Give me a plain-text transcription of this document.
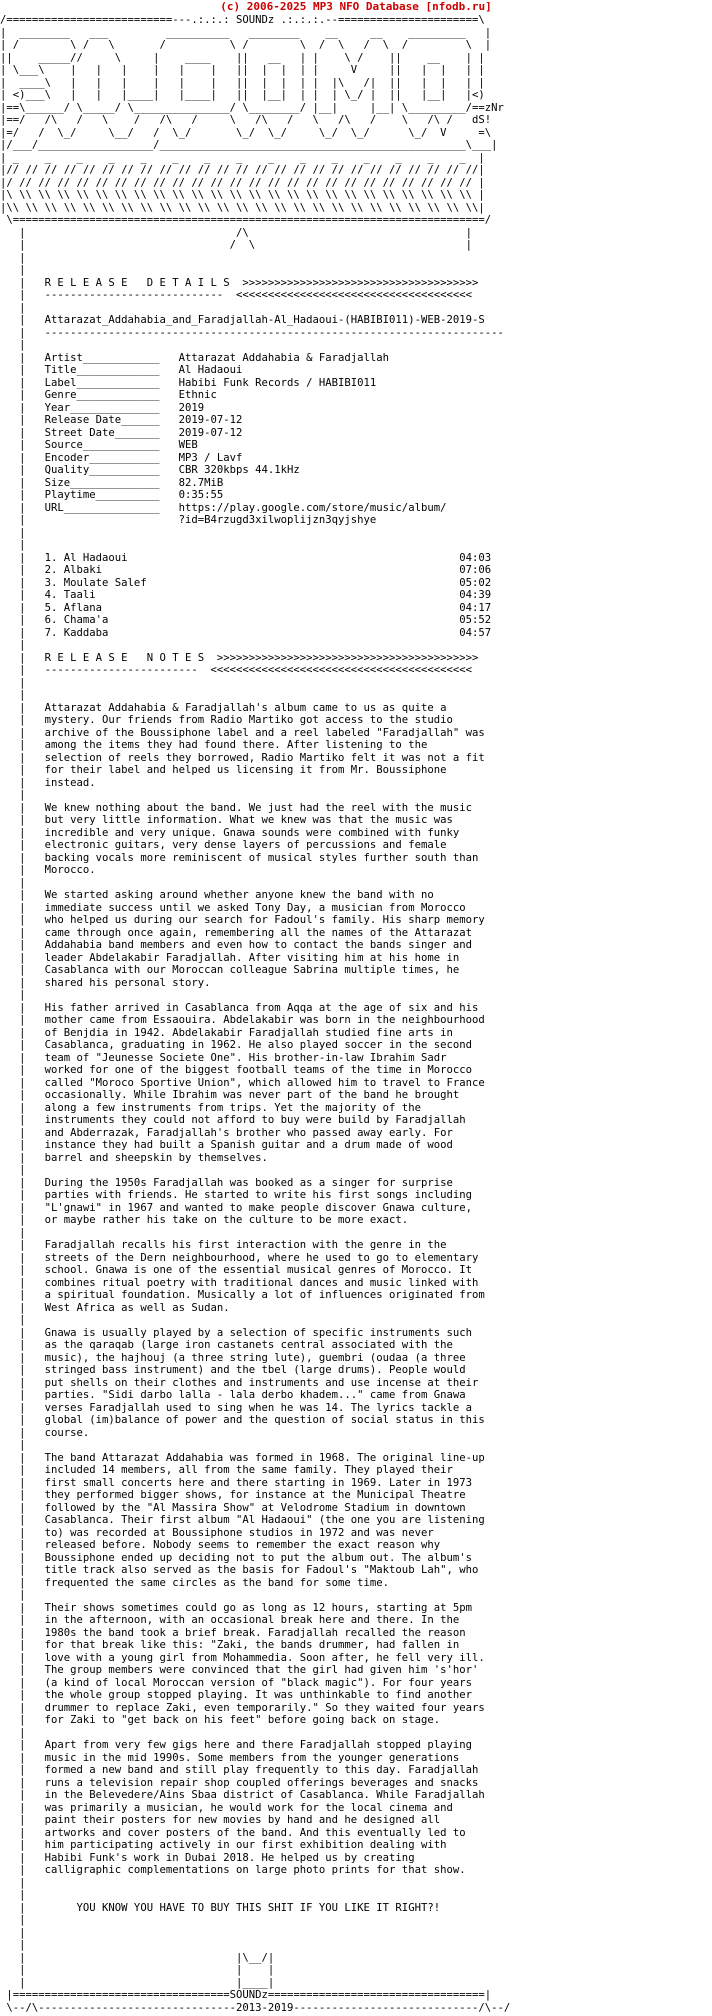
/==========================---.:.:.: SOUNDz .:.:.:.--======================\
|  ________   ___         __________   ________    __     __    _________   |
| /        \ /   \       /          \ /        \  /  \   /  \  /         \  |
||    _____//     \     |    ____    ||   __   | |    \ /    ||    __    | |
| \___\    |   |   |    |   |    |   ||  |  |  | |     V     ||   |  |   | |
|  ____\   |   |   |    |   |    |   ||  |  |  | |  |\   /|  ||   |  |   | |
| <)___\   |   |   |____|   |____|   ||  |__|  | |  | \_/ |  ||   |__|   |<)
|==\______/ \_____/ \_______________/ \________/ |__|     |__| \_________/==zNr
|==/   /\   /   \    /   /\   /     \   /\   /   \   /\   /    \   /\ /   dS!
|=/   /  \_/     \__/   /  \_/       \_/  \_/     \_/  \_/      \_/  V     =\
|/___/__________________/________________________________________________\___|
| _    _    _    _    _    _    _    _    _    _    _    _    _    _    _  |
|// // // // // // // // // // // // // // // // // // // // // // // // //|
|/ // // // // // // // // // // // // // // // // // // // // // // // // |
|\ \\ \\ \\ \\ \\ \\ \\ \\ \\ \\ \\ \\ \\ \\ \\ \\ \\ \\ \\ \\ \\ \\ \\ \\ |
|\\ \\ \\ \\ \\ \\ \\ \\ \\ \\ \\ \\ \\ \\ \\ \\ \\ \\ \\ \\ \\ \\ \\ \\ \\|
\==========================================================================/
|                                 /\                                  |
|                                /  \                                 |
|
|
|   R E L E A S E   D E T A I L S  >>>>>>>>>>>>>>>>>>>>>>>>>>>>>>>>>>>>>
|   ----------------------------  <<<<<<<<<<<<<<<<<<<<<<<<<<<<<<<<<<<<<
|
|   Attarazat_Addahabia_and_Faradjallah-Al_Hadaoui-(HABIBI011)-WEB-2019-S
|   ------------------------------------------------------------------------
|
|   Artist____________   Attarazat Addahabia & Faradjallah
|   Title_____________   Al Hadaoui
|   Label_____________   Habibi Funk Records / HABIBI011
|   Genre_____________   Ethnic
|   Year______________   2019
|   Release Date______   2019-07-12
|   Street Date_______   2019-07-12
|   Source____________   WEB
|   Encoder___________   MP3 / Lavf
|   Quality___________   CBR 320kbps 44.1kHz
|   Size______________   82.7MiB
|   Playtime__________   0:35:55
|   URL_______________   https://play.google.com/store/music/album/
|                        ?id=B4rzugd3xilwoplijzn3qyjshye
|
|
|   1. Al Hadaoui                                                    04:03
|   2. Albaki                                                        07:06
|   3. Moulate Salef                                                 05:02
|   4. Taali                                                         04:39
|   5. Aflana                                                        04:17
|   6. Chama'a                                                       05:52
|   7. Kaddaba                                                       04:57
|
|   R E L E A S E   N O T E S  >>>>>>>>>>>>>>>>>>>>>>>>>>>>>>>>>>>>>>>>>
|   ------------------------  <<<<<<<<<<<<<<<<<<<<<<<<<<<<<<<<<<<<<<<<<
|
|
|   Attarazat Addahabia & Faradjallah's album came to us as quite a
|   mystery. Our friends from Radio Martiko got access to the studio
|   archive of the Boussiphone label and a reel labeled "Faradjallah" was
|   among the items they had found there. After listening to the
|   selection of reels they borrowed, Radio Martiko felt it was not a fit
|   for their label and helped us licensing it from Mr. Boussiphone
|   instead.
|
|   We knew nothing about the band. We just had the reel with the music
|   but very little information. What we knew was that the music was
|   incredible and very unique. Gnawa sounds were combined with funky
|   electronic guitars, very dense layers of percussions and female
|   backing vocals more reminiscent of musical styles further south than
|   Morocco.
|
|   We started asking around whether anyone knew the band with no
|   immediate success until we asked Tony Day, a musician from Morocco
|   who helped us during our search for Fadoul's family. His sharp memory
|   came through once again, remembering all the names of the Attarazat
|   Addahabia band members and even how to contact the bands singer and
|   leader Abdelakabir Faradjallah. After visiting him at his home in
|   Casablanca with our Moroccan colleague Sabrina multiple times, he
|   shared his personal story.
|
|   His father arrived in Casablanca from Aqqa at the age of six and his
|   mother came from Essaouira. Abdelakabir was born in the neighbourhood
|   of Benjdia in 1942. Abdelakabir Faradjallah studied fine arts in
|   Casablanca, graduating in 1962. He also played soccer in the second
|   team of "Jeunesse Societe One". His brother-in-law Ibrahim Sadr
|   worked for one of the biggest football teams of the time in Morocco
|   called "Moroco Sportive Union", which allowed him to travel to France
|   occasionally. While Ibrahim was never part of the band he brought
|   along a few instruments from trips. Yet the majority of the
|   instruments they could not afford to buy were build by Faradjallah
|   and Abderrazak, Faradjallah's brother who passed away early. For
|   instance they had built a Spanish guitar and a drum made of wood
|   barrel and sheepskin by themselves.
|
|   During the 1950s Faradjallah was booked as a singer for surprise
|   parties with friends. He started to write his first songs including
|   "L'gnawi" in 1967 and wanted to make people discover Gnawa culture,
|   or maybe rather his take on the culture to be more exact.
|
|   Faradjallah recalls his first interaction with the genre in the
|   streets of the Dern neighbourhood, where he used to go to elementary
|   school. Gnawa is one of the essential musical genres of Morocco. It
|   combines ritual poetry with traditional dances and music linked with
|   a spiritual foundation. Musically a lot of influences originated from
|   West Africa as well as Sudan.
|
|   Gnawa is usually played by a selection of specific instruments such
|   as the qaraqab (large iron castanets central associated with the
|   music), the hajhouj (a three string lute), guembri (oudaa (a three
|   stringed bass instrument) and the tbel (large drums). People would
|   put shells on their clothes and instruments and use incense at their
|   parties. "Sidi darbo lalla - lala derbo khadem..." came from Gnawa
|   verses Faradjallah used to sing when he was 14. The lyrics tackle a
|   global (im)balance of power and the question of social status in this
|   course.
|
|   The band Attarazat Addahabia was formed in 1968. The original line-up
|   included 14 members, all from the same family. They played their
|   first small concerts here and there starting in 1969. Later in 1973
|   they performed bigger shows, for instance at the Municipal Theatre
|   followed by the "Al Massira Show" at Velodrome Stadium in downtown
|   Casablanca. Their first album "Al Hadaoui" (the one you are listening
|   to) was recorded at Boussiphone studios in 1972 and was never
|   released before. Nobody seems to remember the exact reason why
|   Boussiphone ended up deciding not to put the album out. The album's
|   title track also served as the basis for Fadoul's "Maktoub Lah", who
|   frequented the same circles as the band for some time.
|
|   Their shows sometimes could go as long as 12 hours, starting at 5pm
|   in the afternoon, with an occasional break here and there. In the
|   1980s the band took a brief break. Faradjallah recalled the reason
|   for that break like this: "Zaki, the bands drummer, had fallen in
|   love with a young girl from Mohammedia. Soon after, he fell very ill.
|   The group members were convinced that the girl had given him 's'hor'
|   (a kind of local Moroccan version of "black magic"). For four years
|   the whole group stopped playing. It was unthinkable to find another
|   drummer to replace Zaki, even temporarily." So they waited four years
|   for Zaki to "get back on his feet" before going back on stage.
|
|   Apart from very few gigs here and there Faradjallah stopped playing
|   music in the mid 1990s. Some members from the younger generations
|   formed a new band and still play frequently to this day. Faradjallah
|   runs a television repair shop coupled offerings beverages and snacks
|   in the Belevedere/Ains Sbaa district of Casablanca. While Faradjallah
|   was primarily a musician, he would work for the local cinema and
|   paint their posters for new movies by hand and he designed all
|   artworks and cover posters of the band. And this eventually led to
|   him participating actively in our first exhibition dealing with
|   Habibi Funk's work in Dubai 2018. He helped us by creating
|   calligraphic complementations on large photo prints for that show.
|
|
|        YOU KNOW YOU HAVE TO BUY THIS SHIT IF YOU LIKE IT RIGHT?!
|
|
|
|                                 |\__/|
|                                 |    |
|                                 |____|
|==================================SOUNDz==================================|
\--/\-------------------------------2013-2019-----------------------------/\--/
(c) 2006-2025 MP3 NFO Database [nfodb.ru]
